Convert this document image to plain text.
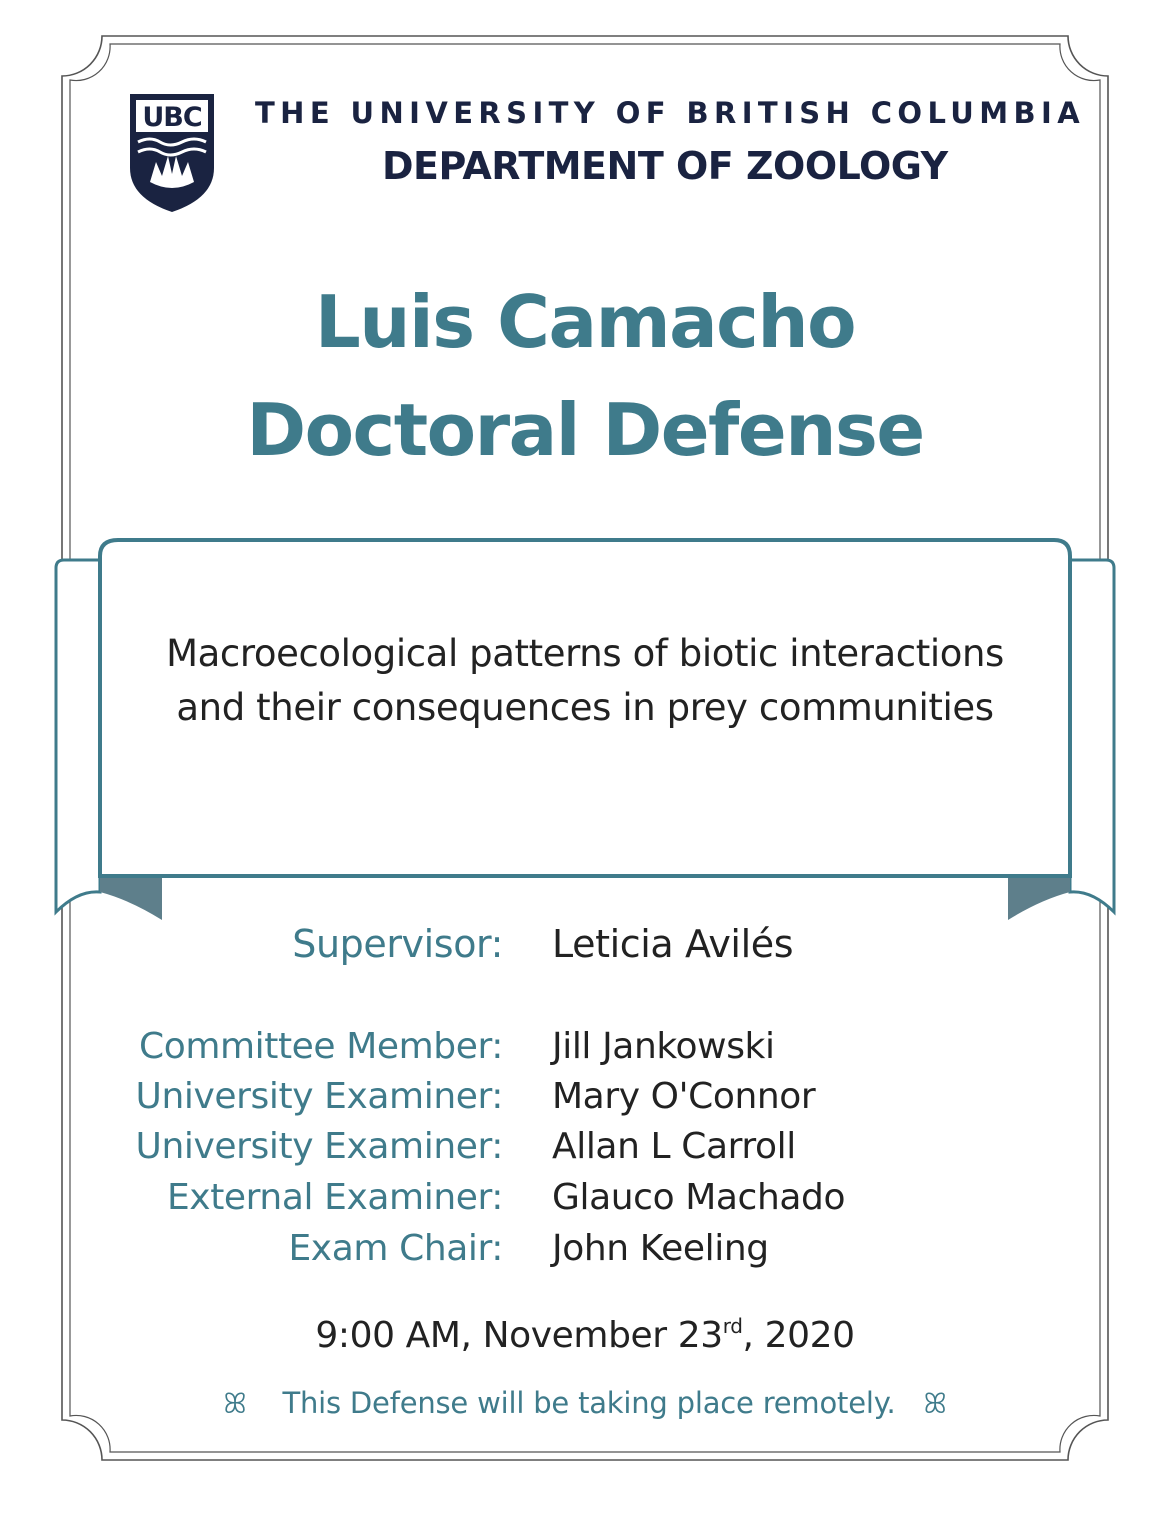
UBC THE UNIVERSITY OF BRITISH COLUMBIA
DEPARTMENT OF ZOOLOGY
Luis Camacho
Doctoral Defense
Macroecological patterns of biotic interactions
and their consequences in prey communities
Supervisor: Leticia Avilés
Committee Member: Jill Jankowski
University Examiner: Mary O'Connor
University Examiner: Allan L Carroll
External Examiner: Glauco Machado
Exam Chair: John Keeling
9:00 AM, November 23rd, 2020
ꕤ This Defense will be taking place remotely. ꕤ
